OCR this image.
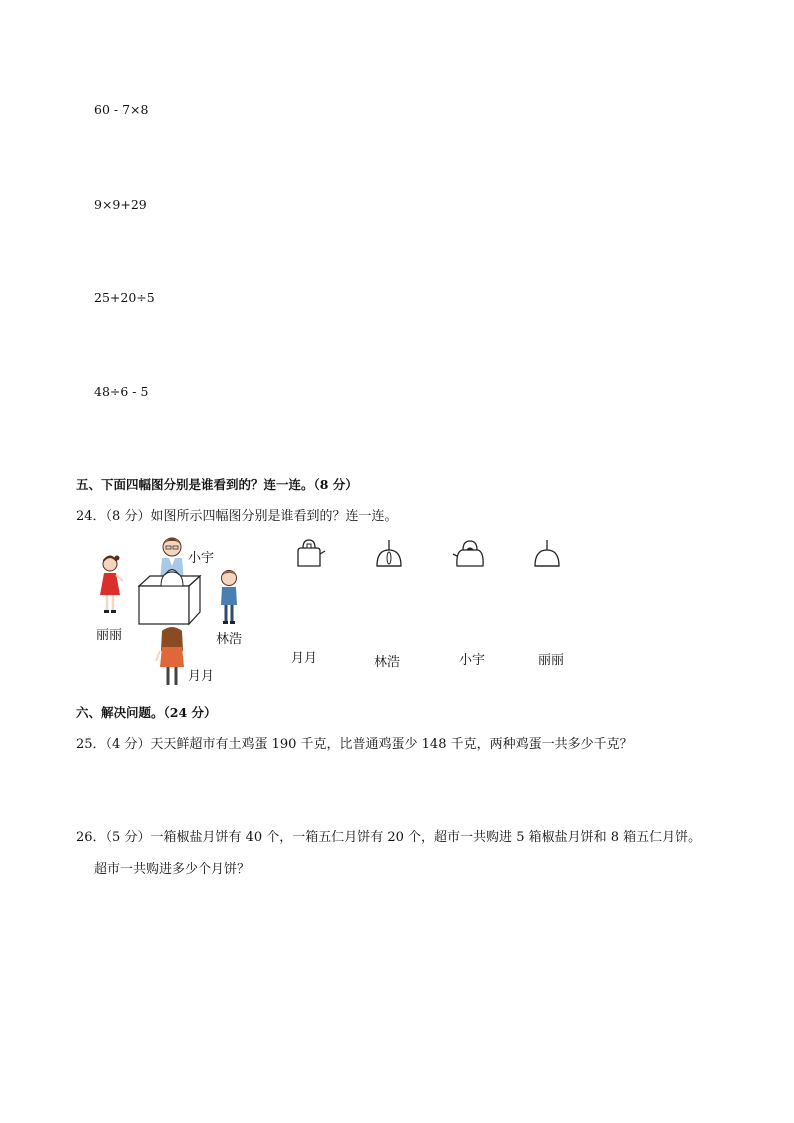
60 - 7×8
9×9+29
25+20÷5
48÷6 - 5
五、下面四幅图分别是谁看到的？连一连。（8 分）
24．（8 分）如图所示四幅图分别是谁看到的？连一连。
丽丽
小宇
林浩
月月
月月	林浩	小宇	丽丽
六、解决问题。（24 分）
25．（4 分）天天鲜超市有土鸡蛋 190 千克，比普通鸡蛋少 148 千克，两种鸡蛋一共多少千克？
26．（5 分）一箱椒盐月饼有 40 个，一箱五仁月饼有 20 个，超市一共购进 5 箱椒盐月饼和 8 箱五仁月饼。
超市一共购进多少个月饼？
